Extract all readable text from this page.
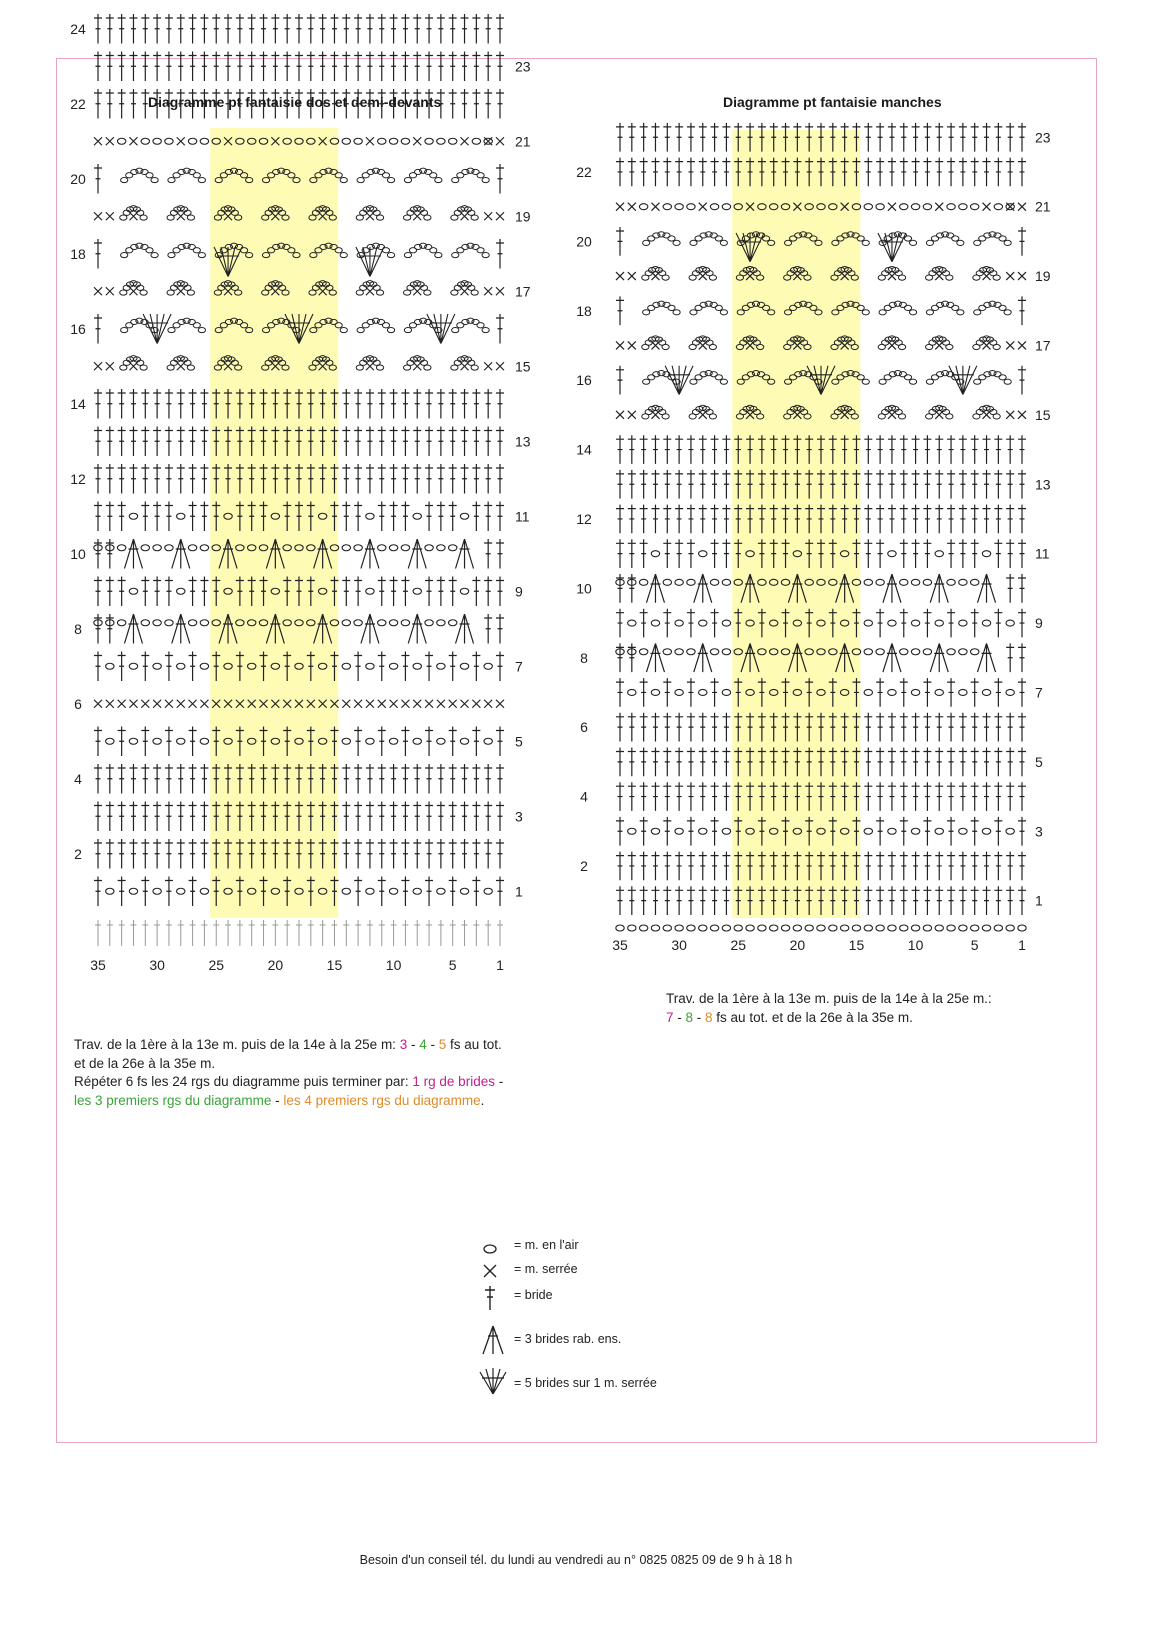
Diagramme pt fantaisie dos et demi-devants	Diagramme pt fantaisie manches
24
22
20
18
16
14
12
10
8
6
4
2
23
21
19
17
15
13
11
9
7
5
3
1
35	30	25	20	15	10	5	1
22
20
18
16
14
12
10
8
6
4
2
23
21
19
17
15
13
11
9
7
5
3
1
35	30	25	20	15	10	5	1
Trav. de la 1ère à la 13e m. puis de la 14e à la 25e m: 3 - 4 - 5 fs au tot.
et de la 26e à la 35e m.
Répéter 6 fs les 24 rgs du diagramme puis terminer par: 1 rg de brides -
les 3 premiers rgs du diagramme - les 4 premiers rgs du diagramme.
Trav. de la 1ère à la 13e m. puis de la 14e à la 25e m.:
7 - 8 - 8 fs au tot. et de la 26e à la 35e m.
= m. en l'air
= m. serrée
= bride
= 3 brides rab. ens.
= 5 brides sur 1 m. serrée
Besoin d'un conseil tél. du lundi au vendredi au n° 0825 0825 09 de 9 h à 18 h
